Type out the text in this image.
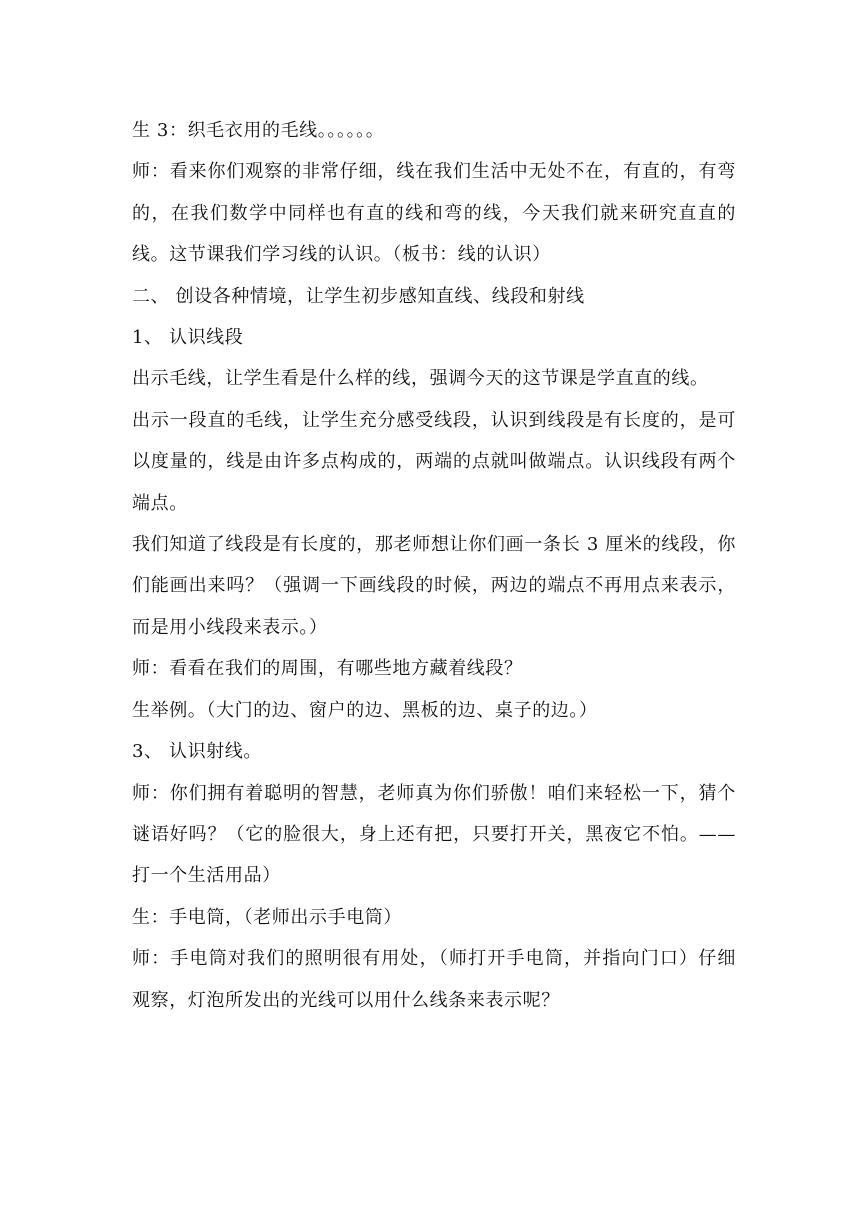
生 3：织毛衣用的毛线。。。。。。

师：看来你们观察的非常仔细，线在我们生活中无处不在，有直的，有弯的，在我们数学中同样也有直的线和弯的线，今天我们就来研究直直的线。这节课我们学习线的认识。（板书：线的认识）

二、 创设各种情境，让学生初步感知直线、线段和射线

1、 认识线段

出示毛线，让学生看是什么样的线，强调今天的这节课是学直直的线。

出示一段直的毛线，让学生充分感受线段，认识到线段是有长度的，是可以度量的，线是由许多点构成的，两端的点就叫做端点。认识线段有两个端点。

我们知道了线段是有长度的，那老师想让你们画一条长 3 厘米的线段，你们能画出来吗？（强调一下画线段的时候，两边的端点不再用点来表示，而是用小线段来表示。）

师：看看在我们的周围，有哪些地方藏着线段？

生举例。（大门的边、窗户的边、黑板的边、桌子的边。）

3、 认识射线。

师：你们拥有着聪明的智慧，老师真为你们骄傲！咱们来轻松一下，猜个谜语好吗？（它的脸很大，身上还有把，只要打开关，黑夜它不怕。——打一个生活用品）

生：手电筒，（老师出示手电筒）

师：手电筒对我们的照明很有用处，（师打开手电筒，并指向门口）仔细观察，灯泡所发出的光线可以用什么线条来表示呢？
